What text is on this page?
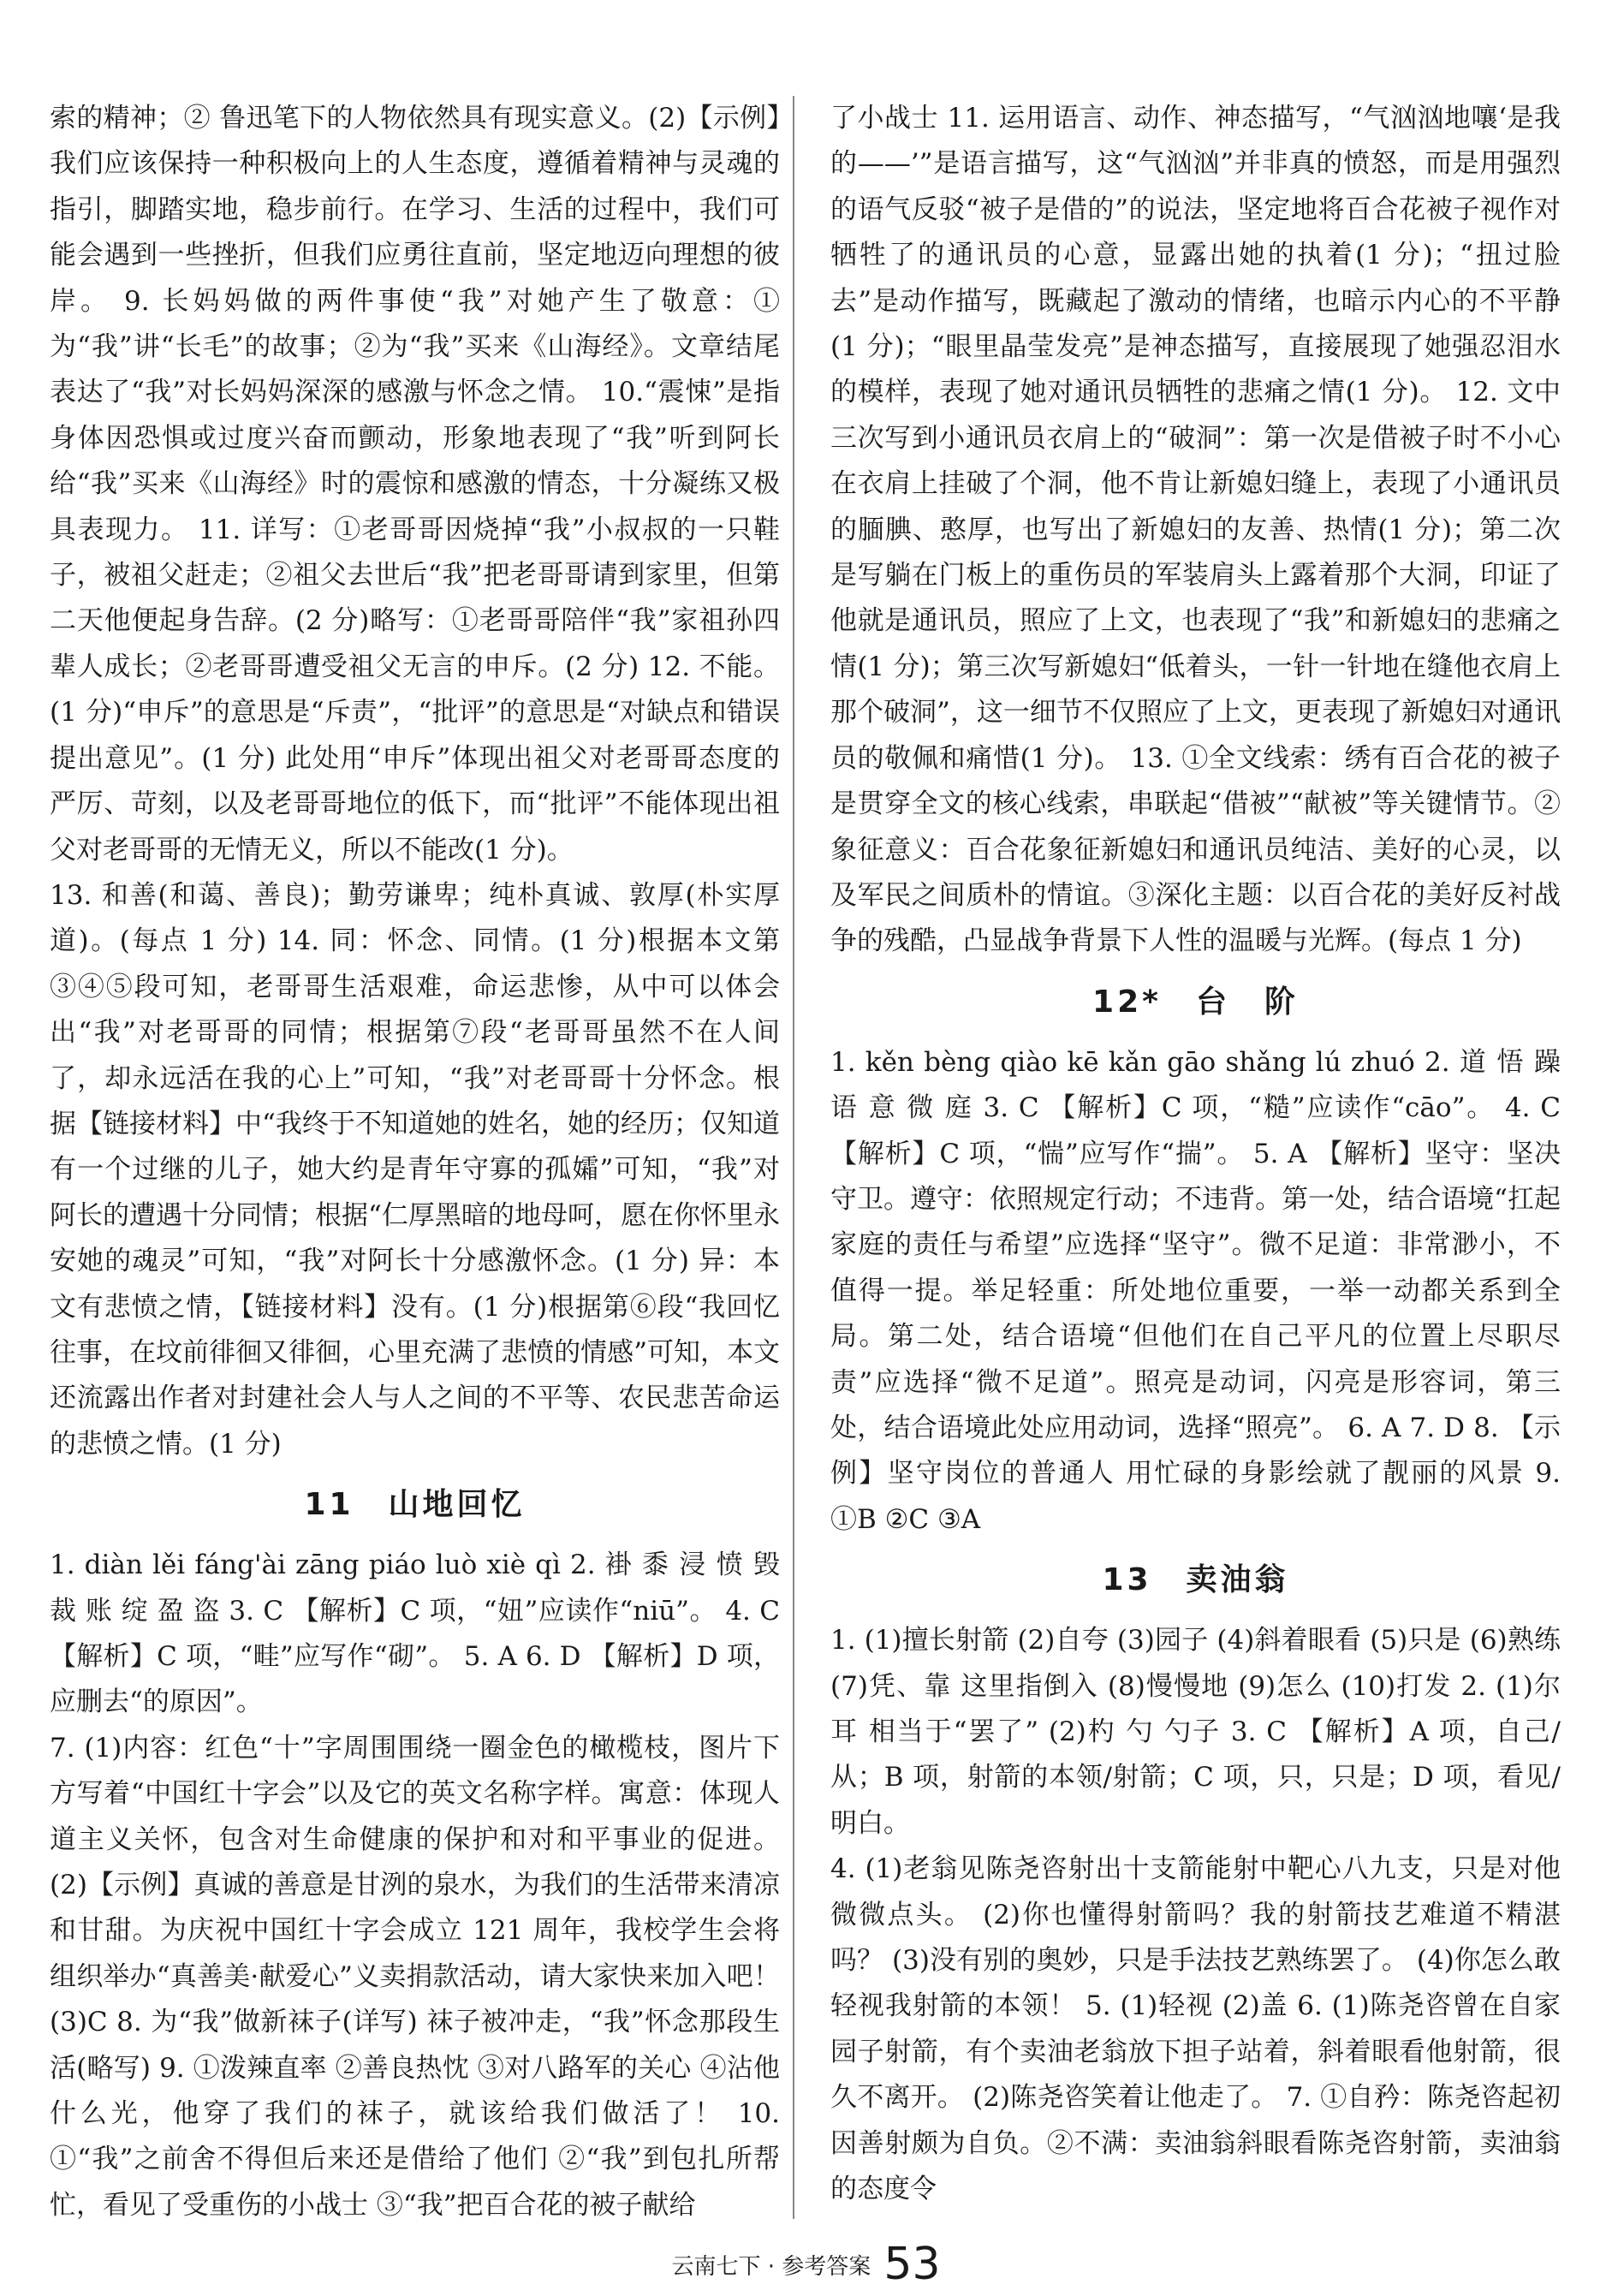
索的精神；② 鲁迅笔下的人物依然具有现实意义。(2)【示例】我们应该保持一种积极向上的人生态度，遵循着精神与灵魂的指引，脚踏实地，稳步前行。在学习、生活的过程中，我们可能会遇到一些挫折，但我们应勇往直前，坚定地迈向理想的彼岸。 9. 长妈妈做的两件事使“我”对她产生了敬意：①为“我”讲“长毛”的故事；②为“我”买来《山海经》。文章结尾表达了“我”对长妈妈深深的感激与怀念之情。 10.“震悚”是指身体因恐惧或过度兴奋而颤动，形象地表现了“我”听到阿长给“我”买来《山海经》时的震惊和感激的情态，十分凝练又极具表现力。 11. 详写：①老哥哥因烧掉“我”小叔叔的一只鞋子，被祖父赶走；②祖父去世后“我”把老哥哥请到家里，但第二天他便起身告辞。(2 分)略写：①老哥哥陪伴“我”家祖孙四辈人成长；②老哥哥遭受祖父无言的申斥。(2 分) 12. 不能。(1 分)“申斥”的意思是“斥责”，“批评”的意思是“对缺点和错误提出意见”。(1 分) 此处用“申斥”体现出祖父对老哥哥态度的严厉、苛刻，以及老哥哥地位的低下，而“批评”不能体现出祖父对老哥哥的无情无义，所以不能改(1 分)。

13. 和善(和蔼、善良)；勤劳谦卑；纯朴真诚、敦厚(朴实厚道)。(每点 1 分) 14. 同：怀念、同情。(1 分)根据本文第③④⑤段可知，老哥哥生活艰难，命运悲惨，从中可以体会出“我”对老哥哥的同情；根据第⑦段“老哥哥虽然不在人间了，却永远活在我的心上”可知，“我”对老哥哥十分怀念。根据【链接材料】中“我终于不知道她的姓名，她的经历；仅知道有一个过继的儿子，她大约是青年守寡的孤孀”可知，“我”对阿长的遭遇十分同情；根据“仁厚黑暗的地母呵，愿在你怀里永安她的魂灵”可知，“我”对阿长十分感激怀念。(1 分) 异：本文有悲愤之情，【链接材料】没有。(1 分)根据第⑥段“我回忆往事，在坟前徘徊又徘徊，心里充满了悲愤的情感”可知，本文还流露出作者对封建社会人与人之间的不平等、农民悲苦命运的悲愤之情。(1 分)

11　山地回忆

1. diàn lěi fáng'ài zāng piáo luò xiè qì 2. 褂 黍 浸 愤 毁 裁 账 绽 盈 盗 3. C 【解析】C 项，“妞”应读作“niū”。 4. C 【解析】C 项，“畦”应写作“砌”。 5. A 6. D 【解析】D 项，应删去“的原因”。

7. (1)内容：红色“十”字周围围绕一圈金色的橄榄枝，图片下方写着“中国红十字会”以及它的英文名称字样。寓意：体现人道主义关怀，包含对生命健康的保护和对和平事业的促进。 (2)【示例】真诚的善意是甘洌的泉水，为我们的生活带来清凉和甘甜。为庆祝中国红十字会成立 121 周年，我校学生会将组织举办“真善美·献爱心”义卖捐款活动，请大家快来加入吧！ (3)C 8. 为“我”做新袜子(详写) 袜子被冲走，“我”怀念那段生活(略写) 9. ①泼辣直率 ②善良热忱 ③对八路军的关心 ④沾他什么光，他穿了我们的袜子，就该给我们做活了！ 10. ①“我”之前舍不得但后来还是借给了他们 ②“我”到包扎所帮忙，看见了受重伤的小战士 ③“我”把百合花的被子献给

了小战士 11. 运用语言、动作、神态描写，“气汹汹地嚷‘是我的——’”是语言描写，这“气汹汹”并非真的愤怒，而是用强烈的语气反驳“被子是借的”的说法，坚定地将百合花被子视作对牺牲了的通讯员的心意，显露出她的执着(1 分)；“扭过脸去”是动作描写，既藏起了激动的情绪，也暗示内心的不平静(1 分)；“眼里晶莹发亮”是神态描写，直接展现了她强忍泪水的模样，表现了她对通讯员牺牲的悲痛之情(1 分)。 12. 文中三次写到小通讯员衣肩上的“破洞”：第一次是借被子时不小心在衣肩上挂破了个洞，他不肯让新媳妇缝上，表现了小通讯员的腼腆、憨厚，也写出了新媳妇的友善、热情(1 分)；第二次是写躺在门板上的重伤员的军装肩头上露着那个大洞，印证了他就是通讯员，照应了上文，也表现了“我”和新媳妇的悲痛之情(1 分)；第三次写新媳妇“低着头，一针一针地在缝他衣肩上那个破洞”，这一细节不仅照应了上文，更表现了新媳妇对通讯员的敬佩和痛惜(1 分)。 13. ①全文线索：绣有百合花的被子是贯穿全文的核心线索，串联起“借被”“献被”等关键情节。②象征意义：百合花象征新媳妇和通讯员纯洁、美好的心灵，以及军民之间质朴的情谊。③深化主题：以百合花的美好反衬战争的残酷，凸显战争背景下人性的温暖与光辉。(每点 1 分)

12*　台　阶

1. kěn bèng qiào kē kǎn gāo shǎng lú zhuó 2. 道 悟 躁 语 意 微 庭 3. C 【解析】C 项，“糙”应读作“cāo”。 4. C 【解析】C 项，“惴”应写作“揣”。 5. A 【解析】坚守：坚决守卫。遵守：依照规定行动；不违背。第一处，结合语境“扛起家庭的责任与希望”应选择“坚守”。微不足道：非常渺小，不值得一提。举足轻重：所处地位重要，一举一动都关系到全局。第二处，结合语境“但他们在自己平凡的位置上尽职尽责”应选择“微不足道”。照亮是动词，闪亮是形容词，第三处，结合语境此处应用动词，选择“照亮”。 6. A 7. D 8. 【示例】坚守岗位的普通人 用忙碌的身影绘就了靓丽的风景 9. ①B ②C ③A

13　卖油翁

1. (1)擅长射箭 (2)自夸 (3)园子 (4)斜着眼看 (5)只是 (6)熟练 (7)凭、靠 这里指倒入 (8)慢慢地 (9)怎么 (10)打发 2. (1)尔 耳 相当于“罢了” (2)杓 勺 勺子 3. C 【解析】A 项，自己/从；B 项，射箭的本领/射箭；C 项，只，只是；D 项，看见/明白。

4. (1)老翁见陈尧咨射出十支箭能射中靶心八九支，只是对他微微点头。 (2)你也懂得射箭吗？我的射箭技艺难道不精湛吗？ (3)没有别的奥妙，只是手法技艺熟练罢了。 (4)你怎么敢轻视我射箭的本领！ 5. (1)轻视 (2)盖 6. (1)陈尧咨曾在自家园子射箭，有个卖油老翁放下担子站着，斜着眼看他射箭，很久不离开。 (2)陈尧咨笑着让他走了。 7. ①自矜：陈尧咨起初因善射颇为自负。②不满：卖油翁斜眼看陈尧咨射箭，卖油翁的态度令

云南七下 · 参考答案 53
